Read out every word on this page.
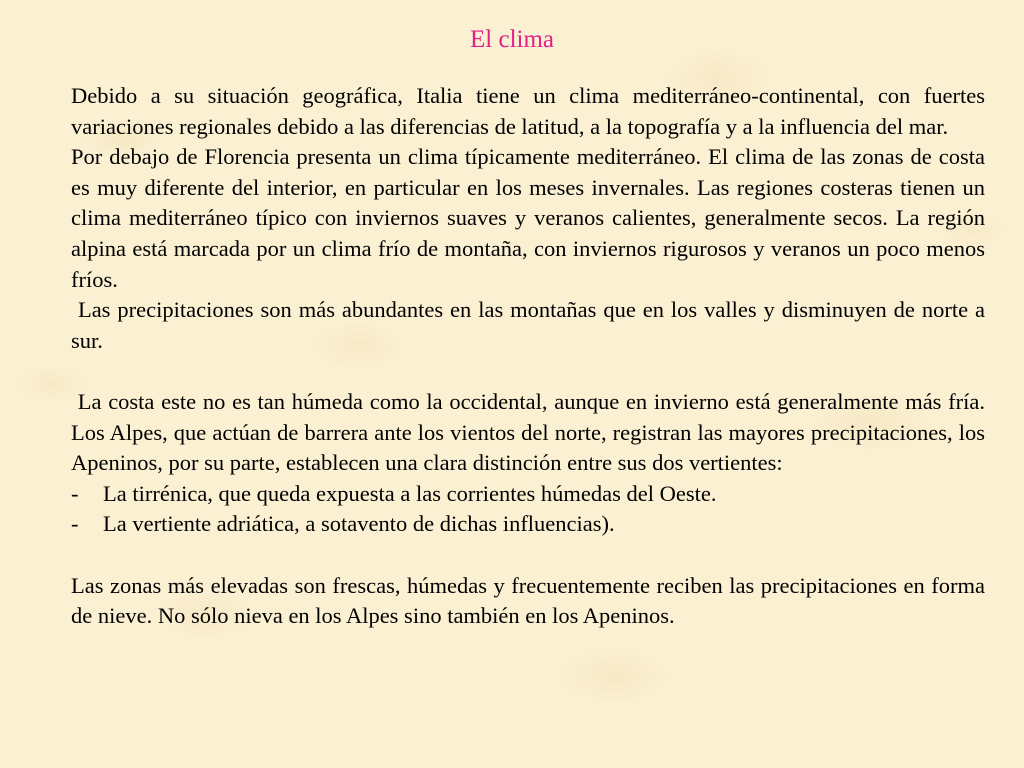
El clima

Debido a su situación geográfica, Italia tiene un clima mediterráneo-continental, con fuertes variaciones regionales debido a las diferencias de latitud, a la topografía y a la influencia del mar.

Por debajo de Florencia presenta un clima típicamente mediterráneo. El clima de las zonas de costa es muy diferente del interior, en particular en los meses invernales. Las regiones costeras tienen un clima mediterráneo típico con inviernos suaves y veranos calientes, generalmente secos. La región alpina está marcada por un clima frío de montaña, con inviernos rigurosos y veranos un poco menos fríos.

Las precipitaciones son más abundantes en las montañas que en los valles y disminuyen de norte a sur.

La costa este no es tan húmeda como la occidental, aunque en invierno está generalmente más fría. Los Alpes, que actúan de barrera ante los vientos del norte, registran las mayores precipitaciones, los Apeninos, por su parte, establecen una clara distinción entre sus dos vertientes:

-	La tirrénica, que queda expuesta a las corrientes húmedas del Oeste.
-	La vertiente adriática, a sotavento de dichas influencias).

Las zonas más elevadas son frescas, húmedas y frecuentemente reciben las precipitaciones en forma de nieve. No sólo nieva en los Alpes sino también en los Apeninos.
